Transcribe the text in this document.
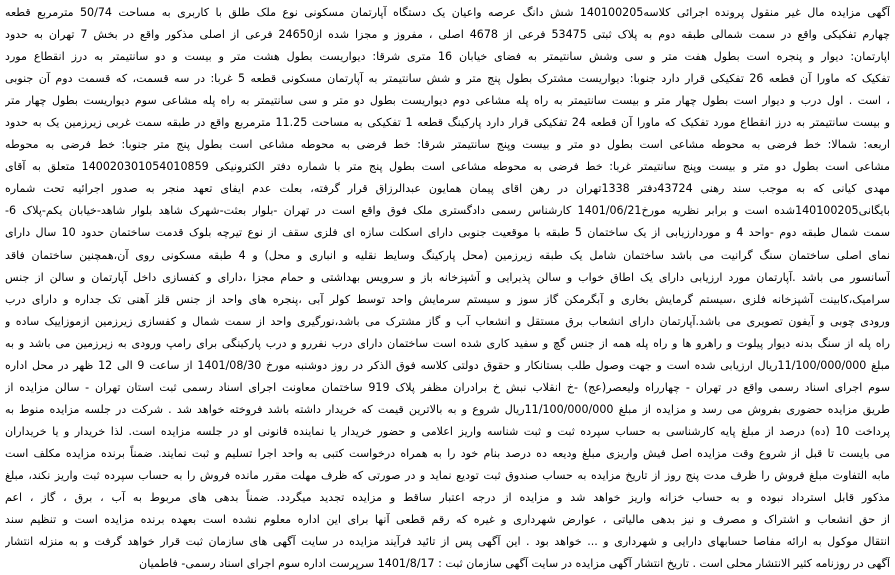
آگهی مزایده مال غیر منقول پرونده اجرائی کلاسه140100205 شش دانگ عرصه واعیان یک دستگاه آپارتمان مسکونی نوع ملک طلق با کاربری به مساحت 50/74 مترمربع قطعه
چهارم تفکیکی واقع در سمت شمالی طبقه دوم به پلاک ثبتی 53475 فرعی از 4678 اصلی ، مفروز و مجزا شده از24650 فرعی از اصلی مذکور واقع در بخش 7 تهران به حدود
اپارتمان: دیوار و پنجره است بطول هفت متر و سی وشش سانتیمتر به فضای خیابان 16 متری شرقا: دیواریست بطول هشت متر و بیست و دو سانتیمتر به درز انقطاع مورد
تفکیک که ماورا آن قطعه 26 تفکیکی قرار دارد جنوبا: دیواریست مشترک بطول پنج متر و شش سانتیمتر به آپارتمان مسکونی قطعه 5 غربا: در سه قسمت، که قسمت دوم آن جنوبی
، است . اول درب و دیوار است بطول چهار متر و بیست سانتیمتر به راه پله مشاعی دوم دیواریست بطول دو متر و سی سانتیمتر به راه پله مشاعی سوم دیواریست بطول چهار متر
و بیست سانتیمتر به درز انقطاع مورد تفکیک که ماورا آن قطعه 24 تفکیکی قرار دارد پارکینگ قطعه 1 تفکیکی به مساحت 11.25 مترمربع واقع در طبقه سمت غربی زیرزمین یک به حدود
اربعه: شمالا: خط فرضی به محوطه مشاعی است بطول دو متر و بیست وپنج سانتیمتر شرقا: خط فرضی به محوطه مشاعی است بطول پنج متر جنوبا: خط فرضی به محوطه
مشاعی است بطول دو متر و بیست وپنج سانتیمتر غربا: خط فرضی به محوطه مشاعی است بطول پنج متر با شماره دفتر الکترونیکی 140020301054010859 متعلق به آقای
مهدی کیانی که به موجب سند رهنی 43724دفتر 1338تهران در رهن اقای پیمان همایون عبدالرزاق قرار گرفته، بعلت عدم ایفای تعهد منجر به صدور اجرائیه تحت شماره
بایگانی140100205شده است و برابر نظریه مورخ1401/06/21 کارشناس رسمی دادگستری ملک فوق واقع است در تهران -بلوار بعثت-شهرک شاهد بلوار شاهد-خیابان یکم-پلاک 6-
سمت شمال طبقه دوم -واحد 4 و موردارزیابی از یک ساختمان 5 طبقه با موقعیت جنوبی دارای اسکلت سازه ای فلزی سقف از نوع تیرچه بلوک قدمت ساختمان حدود 10 سال دارای
نمای اصلی ساختمان سنگ گرانیت می باشد ساختمان شامل یک طبقه زیرزمین (محل پارکینگ وسایط نقلیه و انباری و محل) و 4 طبقه مسکونی روی آن،همچنین ساختمان فاقد
آسانسور می باشد .آپارتمان مورد ارزیابی دارای یک اطاق خواب و سالن پذیرایی و آشپزخانه باز و سرویس بهداشتی و حمام مجزا ،دارای و کفسازی داخل آپارتمان و سالن از جنس
سرامیک،کابینت آشپزخانه فلزی ،سیستم گرمایش بخاری و آبگرمکن گاز سوز و سیستم سرمایش واحد توسط کولر آبی ،پنجره های واحد از جنس قلز آهنی تک جداره و دارای درب
ورودی چوبی و آیفون تصویری می باشد.آپارتمان دارای انشعاب برق مستقل و انشعاب آب و گاز مشترک می باشد،نورگیری واحد از سمت شمال و کفسازی زیرزمین ازموزاییک ساده و
راه پله از سنگ بدنه دیوار پیلوت و راهرو ها و راه پله همه از جنس گچ و سفید کاری شده است ساختمان دارای درب نفررو و درب پارکینگی برای رامپ ورودی به زیرزمین می باشد و به
مبلغ 11/100/000/000ریال ارزیابی شده است و جهت وصول طلب بستانکار و حقوق دولتی کلاسه فوق الذکر در روز دوشنبه مورخ 1401/08/30 از ساعت 9 الی 12 ظهر در محل اداره
سوم اجرای اسناد رسمی واقع در تهران - چهارراه ولیعصر(عج) -خ انقلاب نبش خ برادران مظفر پلاک 919 ساختمان معاونت اجرای اسناد رسمی ثبت استان تهران - سالن مزایده از
طریق مزایده حضوری بفروش می رسد و مزایده از مبلغ 11/100/000/000ریال شروع و به بالاترین قیمت که خریدار داشته باشد فروخته خواهد شد . شرکت در جلسه مزایده منوط به
پرداخت 10 (ده) درصد از مبلغ پایه کارشناسی به حساب سپرده ثبت و ثبت شناسه واریز اعلامی و حضور خریدار یا نماینده قانونی او در جلسه مزایده است. لذا خریدار و یا خریداران
می بایست تا قبل از شروع وقت مزایده اصل فیش واریزی مبلغ ودیعه ده درصد بنام خود را به همراه درخواست کتبی به واحد اجرا تسلیم و ثبت نمایند. ضمناً برنده مزایده مکلف است
مابه التفاوت مبلغ فروش را ظرف مدت پنج روز از تاریخ مزایده به حساب صندوق ثبت تودیع نماید و در صورتی که ظرف مهلت مقرر مانده فروش را به حساب سپرده ثبت واریز نکند، مبلغ
مذکور قابل استرداد نبوده و به حساب خزانه واریز خواهد شد و مزایده از درجه اعتبار ساقط و مزایده تجدید میگردد. ضمناً بدهی های مربوط به آب ، برق ، گاز ، اعم
از حق انشعاب و اشتراک و مصرف و نیز بدهی مالیاتی ، عوارض شهرداری و غیره که رقم قطعی آنها برای این اداره معلوم نشده است بعهده برنده مزایده است و تنظیم سند
انتقال موکول به ارائه مفاصا حسابهای دارایی و شهرداری و ... خواهد بود . این آگهی پس از تائید فرآیند مزایده در سایت آگهی های سازمان ثبت قرار خواهد گرفت و به منزله انتشار
آگهی در روزنامه کثیر الانتشار محلی است . تاریخ انتشار آگهی مزایده در سایت آگهی سازمان ثبت : 1401/8/17 سرپرست اداره سوم اجرای اسناد رسمی- فاطمیان
